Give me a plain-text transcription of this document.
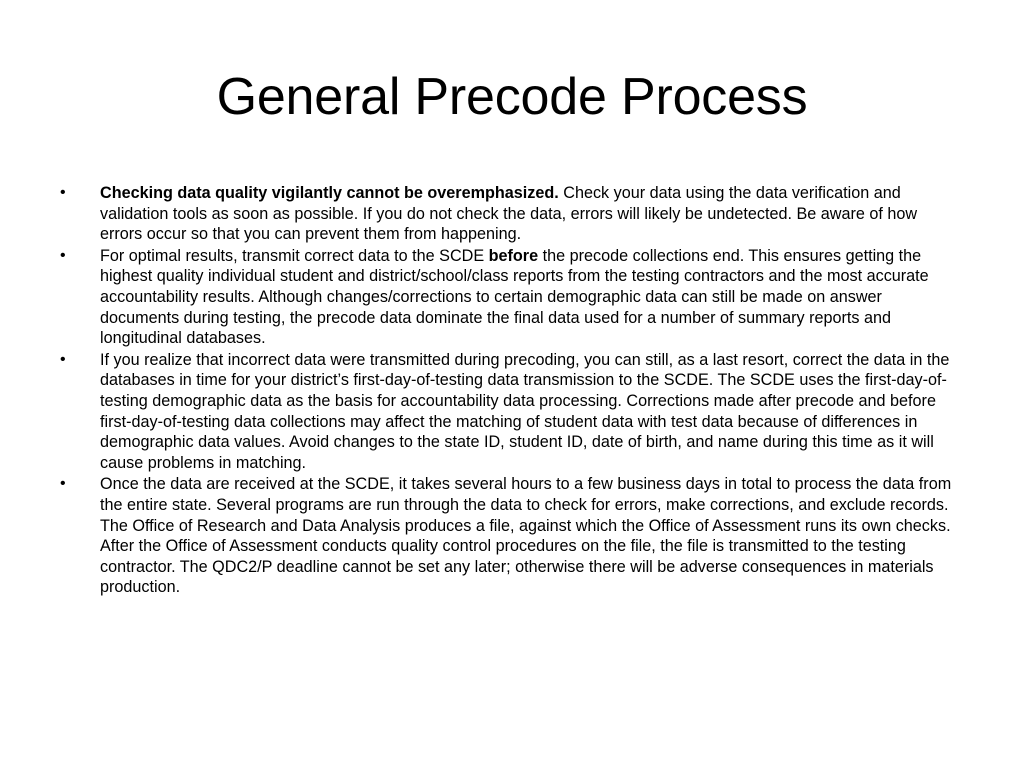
General Precode Process
• Checking data quality vigilantly cannot be overemphasized. Check your data using the data verification and validation tools as soon as possible. If you do not check the data, errors will likely be undetected. Be aware of how errors occur so that you can prevent them from happening.
• For optimal results, transmit correct data to the SCDE before the precode collections end. This ensures getting the highest quality individual student and district/school/class reports from the testing contractors and the most accurate accountability results. Although changes/corrections to certain demographic data can still be made on answer documents during testing, the precode data dominate the final data used for a number of summary reports and longitudinal databases.
• If you realize that incorrect data were transmitted during precoding, you can still, as a last resort, correct the data in the databases in time for your district’s first-day-of-testing data transmission to the SCDE. The SCDE uses the first-day-of-testing demographic data as the basis for accountability data processing. Corrections made after precode and before first-day-of-testing data collections may affect the matching of student data with test data because of differences in demographic data values. Avoid changes to the state ID, student ID, date of birth, and name during this time as it will cause problems in matching.
• Once the data are received at the SCDE, it takes several hours to a few business days in total to process the data from the entire state. Several programs are run through the data to check for errors, make corrections, and exclude records. The Office of Research and Data Analysis produces a file, against which the Office of Assessment runs its own checks. After the Office of Assessment conducts quality control procedures on the file, the file is transmitted to the testing contractor. The QDC2/P deadline cannot be set any later; otherwise there will be adverse consequences in materials production.
